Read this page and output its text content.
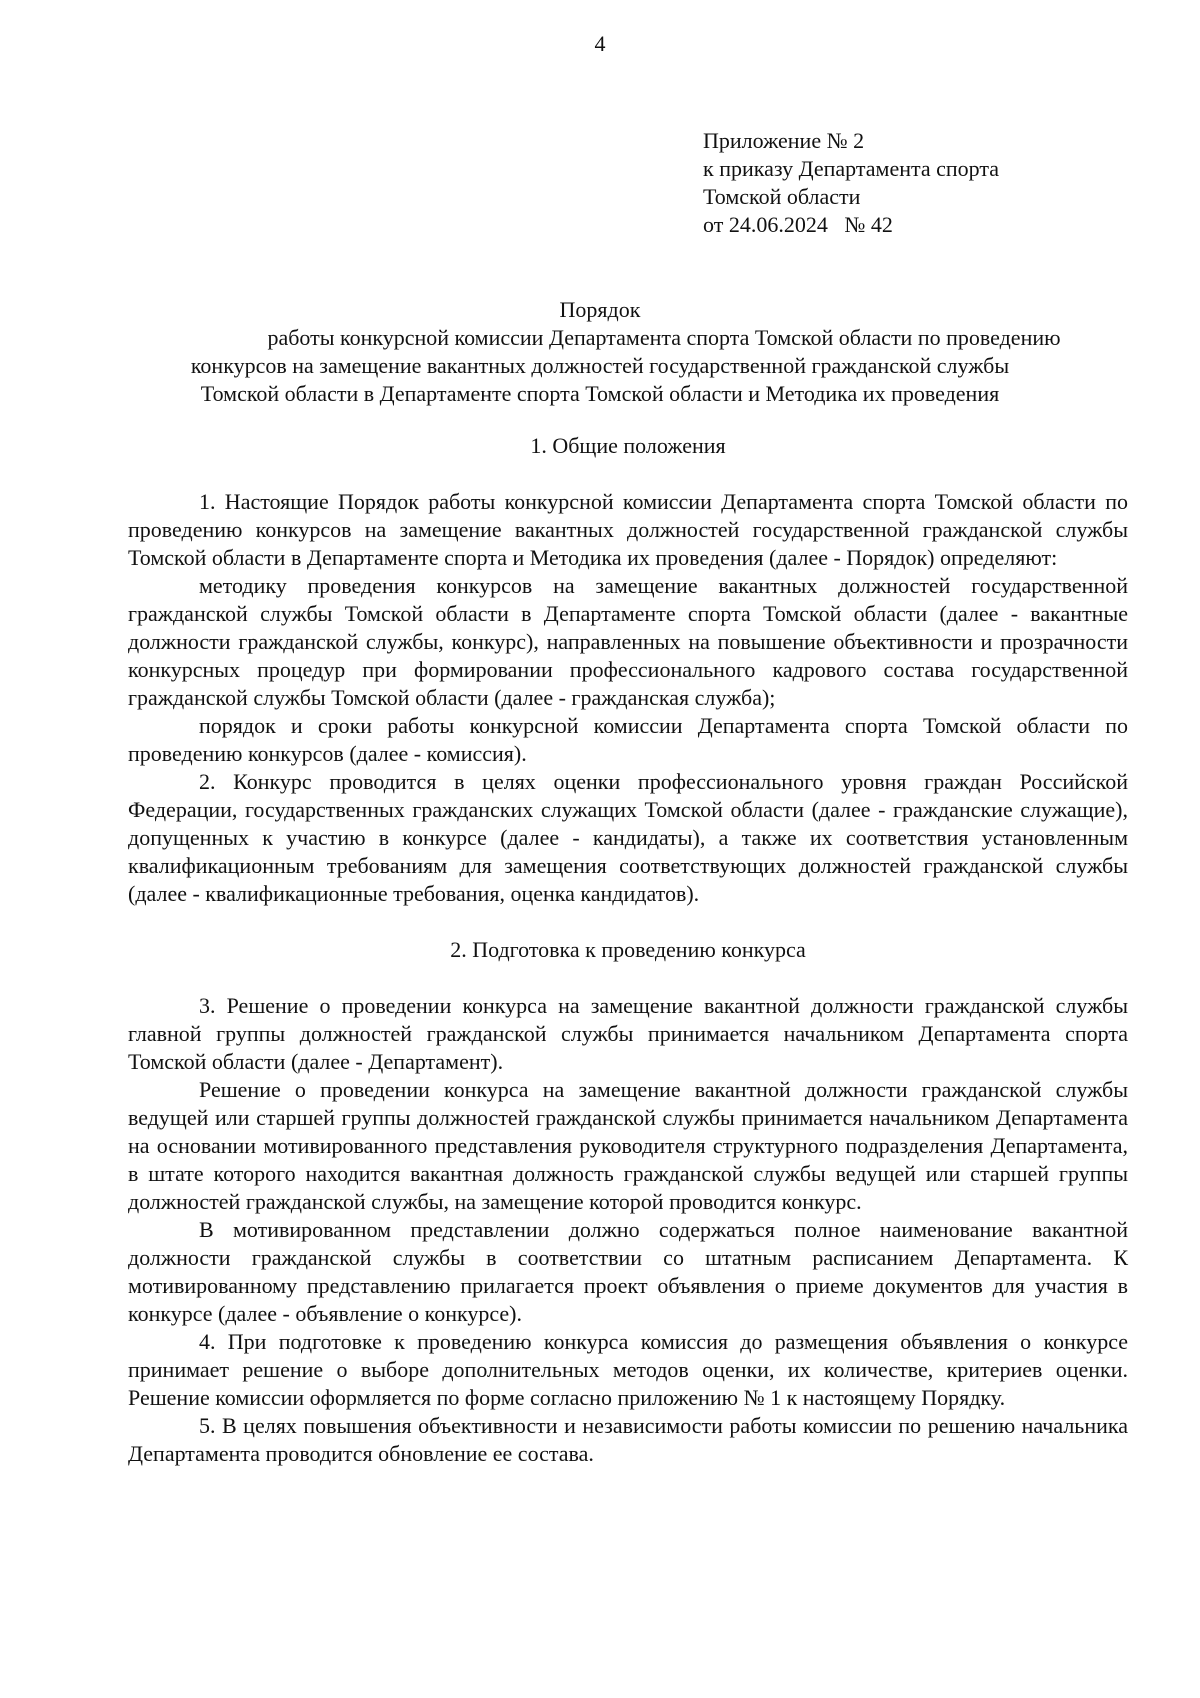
4
Приложение № 2
к приказу Департамента спорта
Томской области
от 24.06.2024   № 42
Порядок
работы конкурсной комиссии Департамента спорта Томской области по проведению
конкурсов на замещение вакантных должностей государственной гражданской службы
Томской области в Департаменте спорта Томской области и Методика их проведения

1. Общие положения

1. Настоящие Порядок работы конкурсной комиссии Департамента спорта Томской области по проведению конкурсов на замещение вакантных должностей государственной гражданской службы Томской области в Департаменте спорта и Методика их проведения (далее - Порядок) определяют:

методику проведения конкурсов на замещение вакантных должностей государственной гражданской службы Томской области в Департаменте спорта Томской области (далее - вакантные должности гражданской службы, конкурс), направленных на повышение объективности и прозрачности конкурсных процедур при формировании профессионального кадрового состава государственной гражданской службы Томской области (далее - гражданская служба);

порядок и сроки работы конкурсной комиссии Департамента спорта Томской области по проведению конкурсов (далее - комиссия).

2. Конкурс проводится в целях оценки профессионального уровня граждан Российской Федерации, государственных гражданских служащих Томской области (далее - гражданские служащие), допущенных к участию в конкурсе (далее - кандидаты), а также их соответствия установленным квалификационным требованиям для замещения соответствующих должностей гражданской службы (далее - квалификационные требования, оценка кандидатов).

2. Подготовка к проведению конкурса

3. Решение о проведении конкурса на замещение вакантной должности гражданской службы главной группы должностей гражданской службы принимается начальником Департамента спорта Томской области (далее - Департамент).

Решение о проведении конкурса на замещение вакантной должности гражданской службы ведущей или старшей группы должностей гражданской службы принимается начальником Департамента на основании мотивированного представления руководителя структурного подразделения Департамента, в штате которого находится вакантная должность гражданской службы ведущей или старшей группы должностей гражданской службы, на замещение которой проводится конкурс.

В мотивированном представлении должно содержаться полное наименование вакантной должности гражданской службы в соответствии со штатным расписанием Департамента. К мотивированному представлению прилагается проект объявления о приеме документов для участия в конкурсе (далее - объявление о конкурсе).

4. При подготовке к проведению конкурса комиссия до размещения объявления о конкурсе принимает решение о выборе дополнительных методов оценки, их количестве, критериев оценки. Решение комиссии оформляется по форме согласно приложению № 1 к настоящему Порядку.

5. В целях повышения объективности и независимости работы комиссии по решению начальника Департамента проводится обновление ее состава.
